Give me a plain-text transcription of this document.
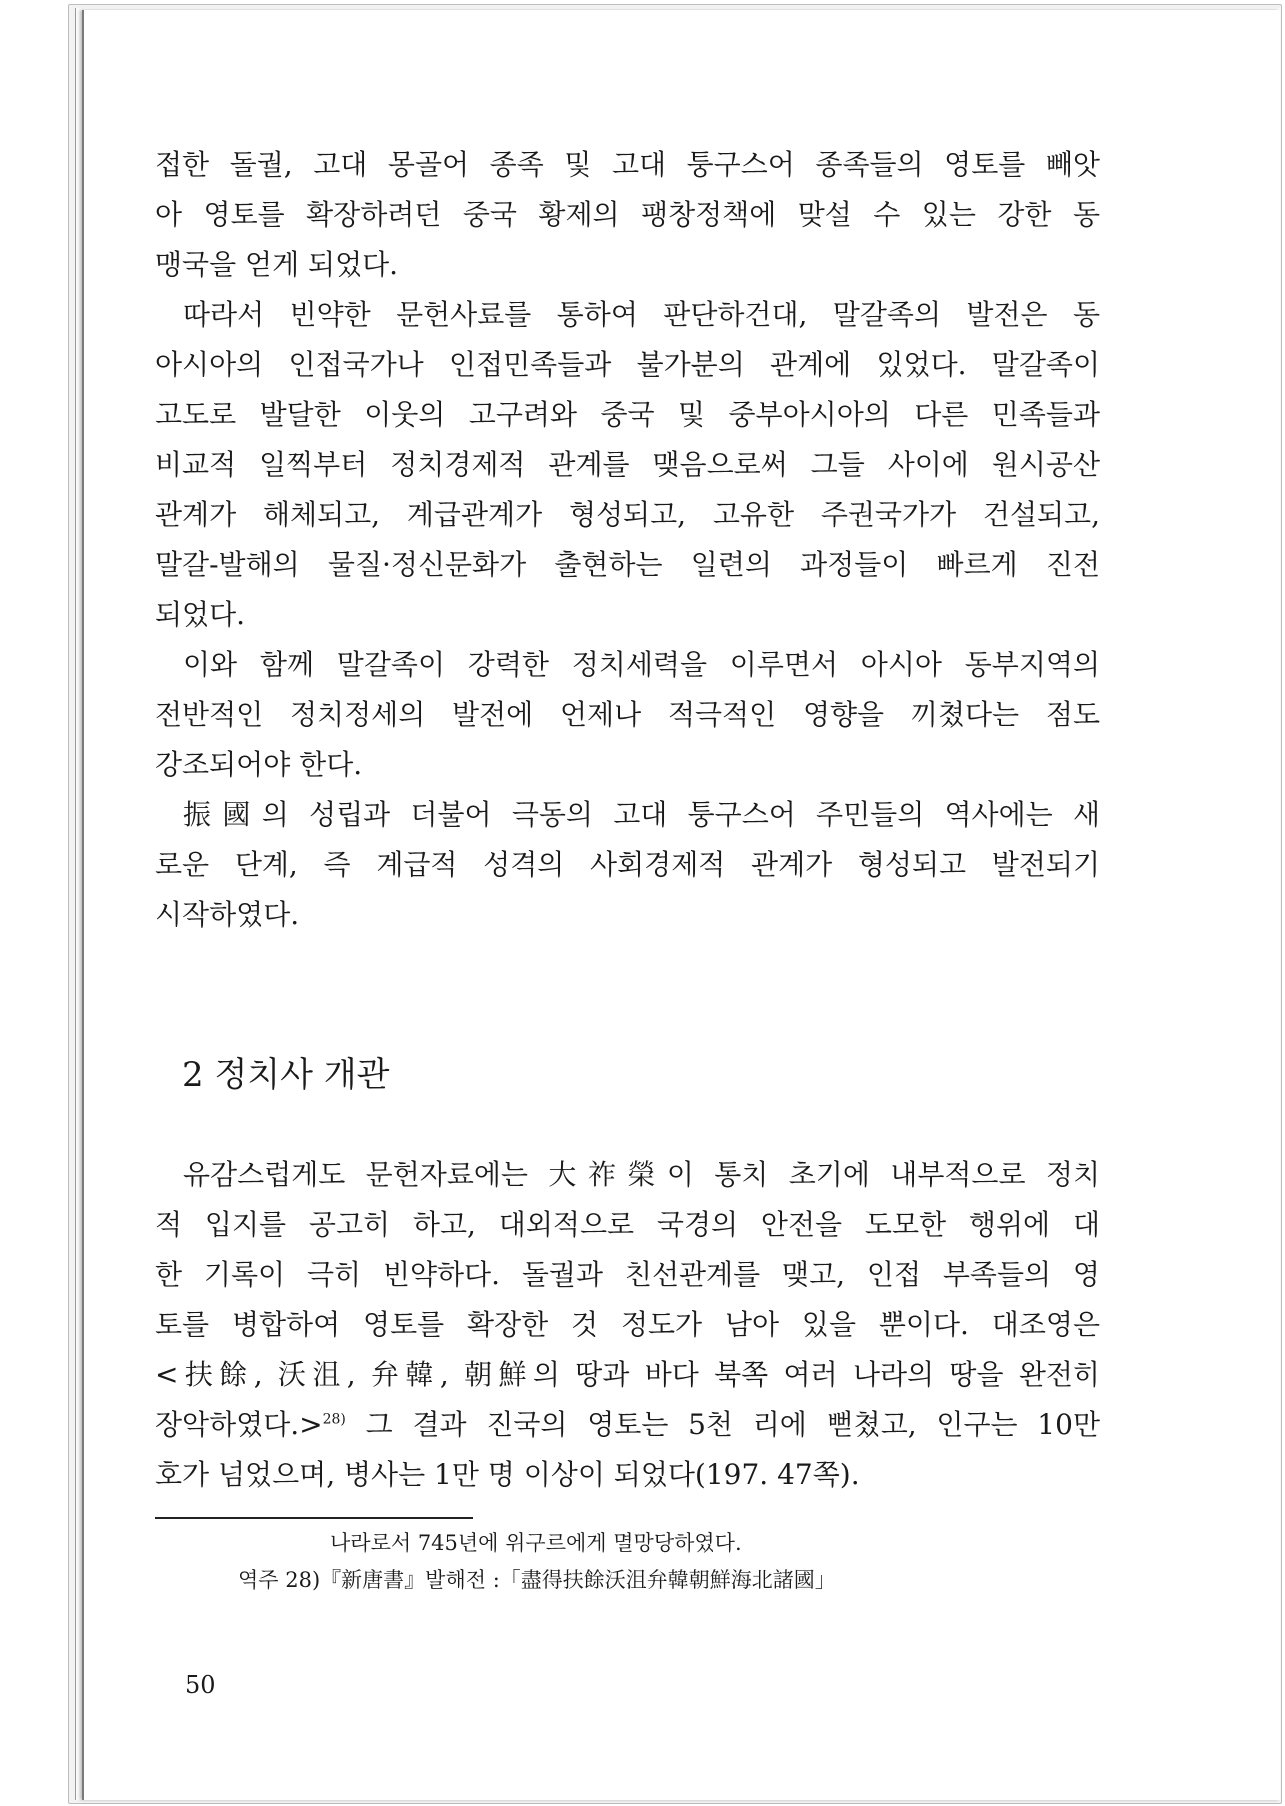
접한 돌궐, 고대 몽골어 종족 및 고대 퉁구스어 종족들의 영토를 빼앗
아 영토를 확장하려던 중국 황제의 팽창정책에 맞설 수 있는 강한 동
맹국을 얻게 되었다.
따라서 빈약한 문헌사료를 통하여 판단하건대, 말갈족의 발전은 동
아시아의 인접국가나 인접민족들과 불가분의 관계에 있었다. 말갈족이
고도로 발달한 이웃의 고구려와 중국 및 중부아시아의 다른 민족들과
비교적 일찍부터 정치경제적 관계를 맺음으로써 그들 사이에 원시공산
관계가 해체되고, 계급관계가 형성되고, 고유한 주권국가가 건설되고,
말갈-발해의 물질·정신문화가 출현하는 일련의 과정들이 빠르게 진전
되었다.
이와 함께 말갈족이 강력한 정치세력을 이루면서 아시아 동부지역의
전반적인 정치정세의 발전에 언제나 적극적인 영향을 끼쳤다는 점도
강조되어야 한다.
振國의 성립과 더불어 극동의 고대 퉁구스어 주민들의 역사에는 새
로운 단계, 즉 계급적 성격의 사회경제적 관계가 형성되고 발전되기
시작하였다.
2 정치사 개관
유감스럽게도 문헌자료에는 大祚榮이 통치 초기에 내부적으로 정치
적 입지를 공고히 하고, 대외적으로 국경의 안전을 도모한 행위에 대
한 기록이 극히 빈약하다. 돌궐과 친선관계를 맺고, 인접 부족들의 영
토를 병합하여 영토를 확장한 것 정도가 남아 있을 뿐이다. 대조영은
<扶餘, 沃沮, 弁韓, 朝鮮의 땅과 바다 북쪽 여러 나라의 땅을 완전히
장악하였다.>$^{28)}$ 그 결과 진국의 영토는 5천 리에 뻗쳤고, 인구는 10만
호가 넘었으며, 병사는 1만 명 이상이 되었다(197. 47쪽).
나라로서 745년에 위구르에게 멸망당하였다.
역주 28)『新唐書』발해전 :「盡得扶餘沃沮弁韓朝鮮海北諸國」
50
